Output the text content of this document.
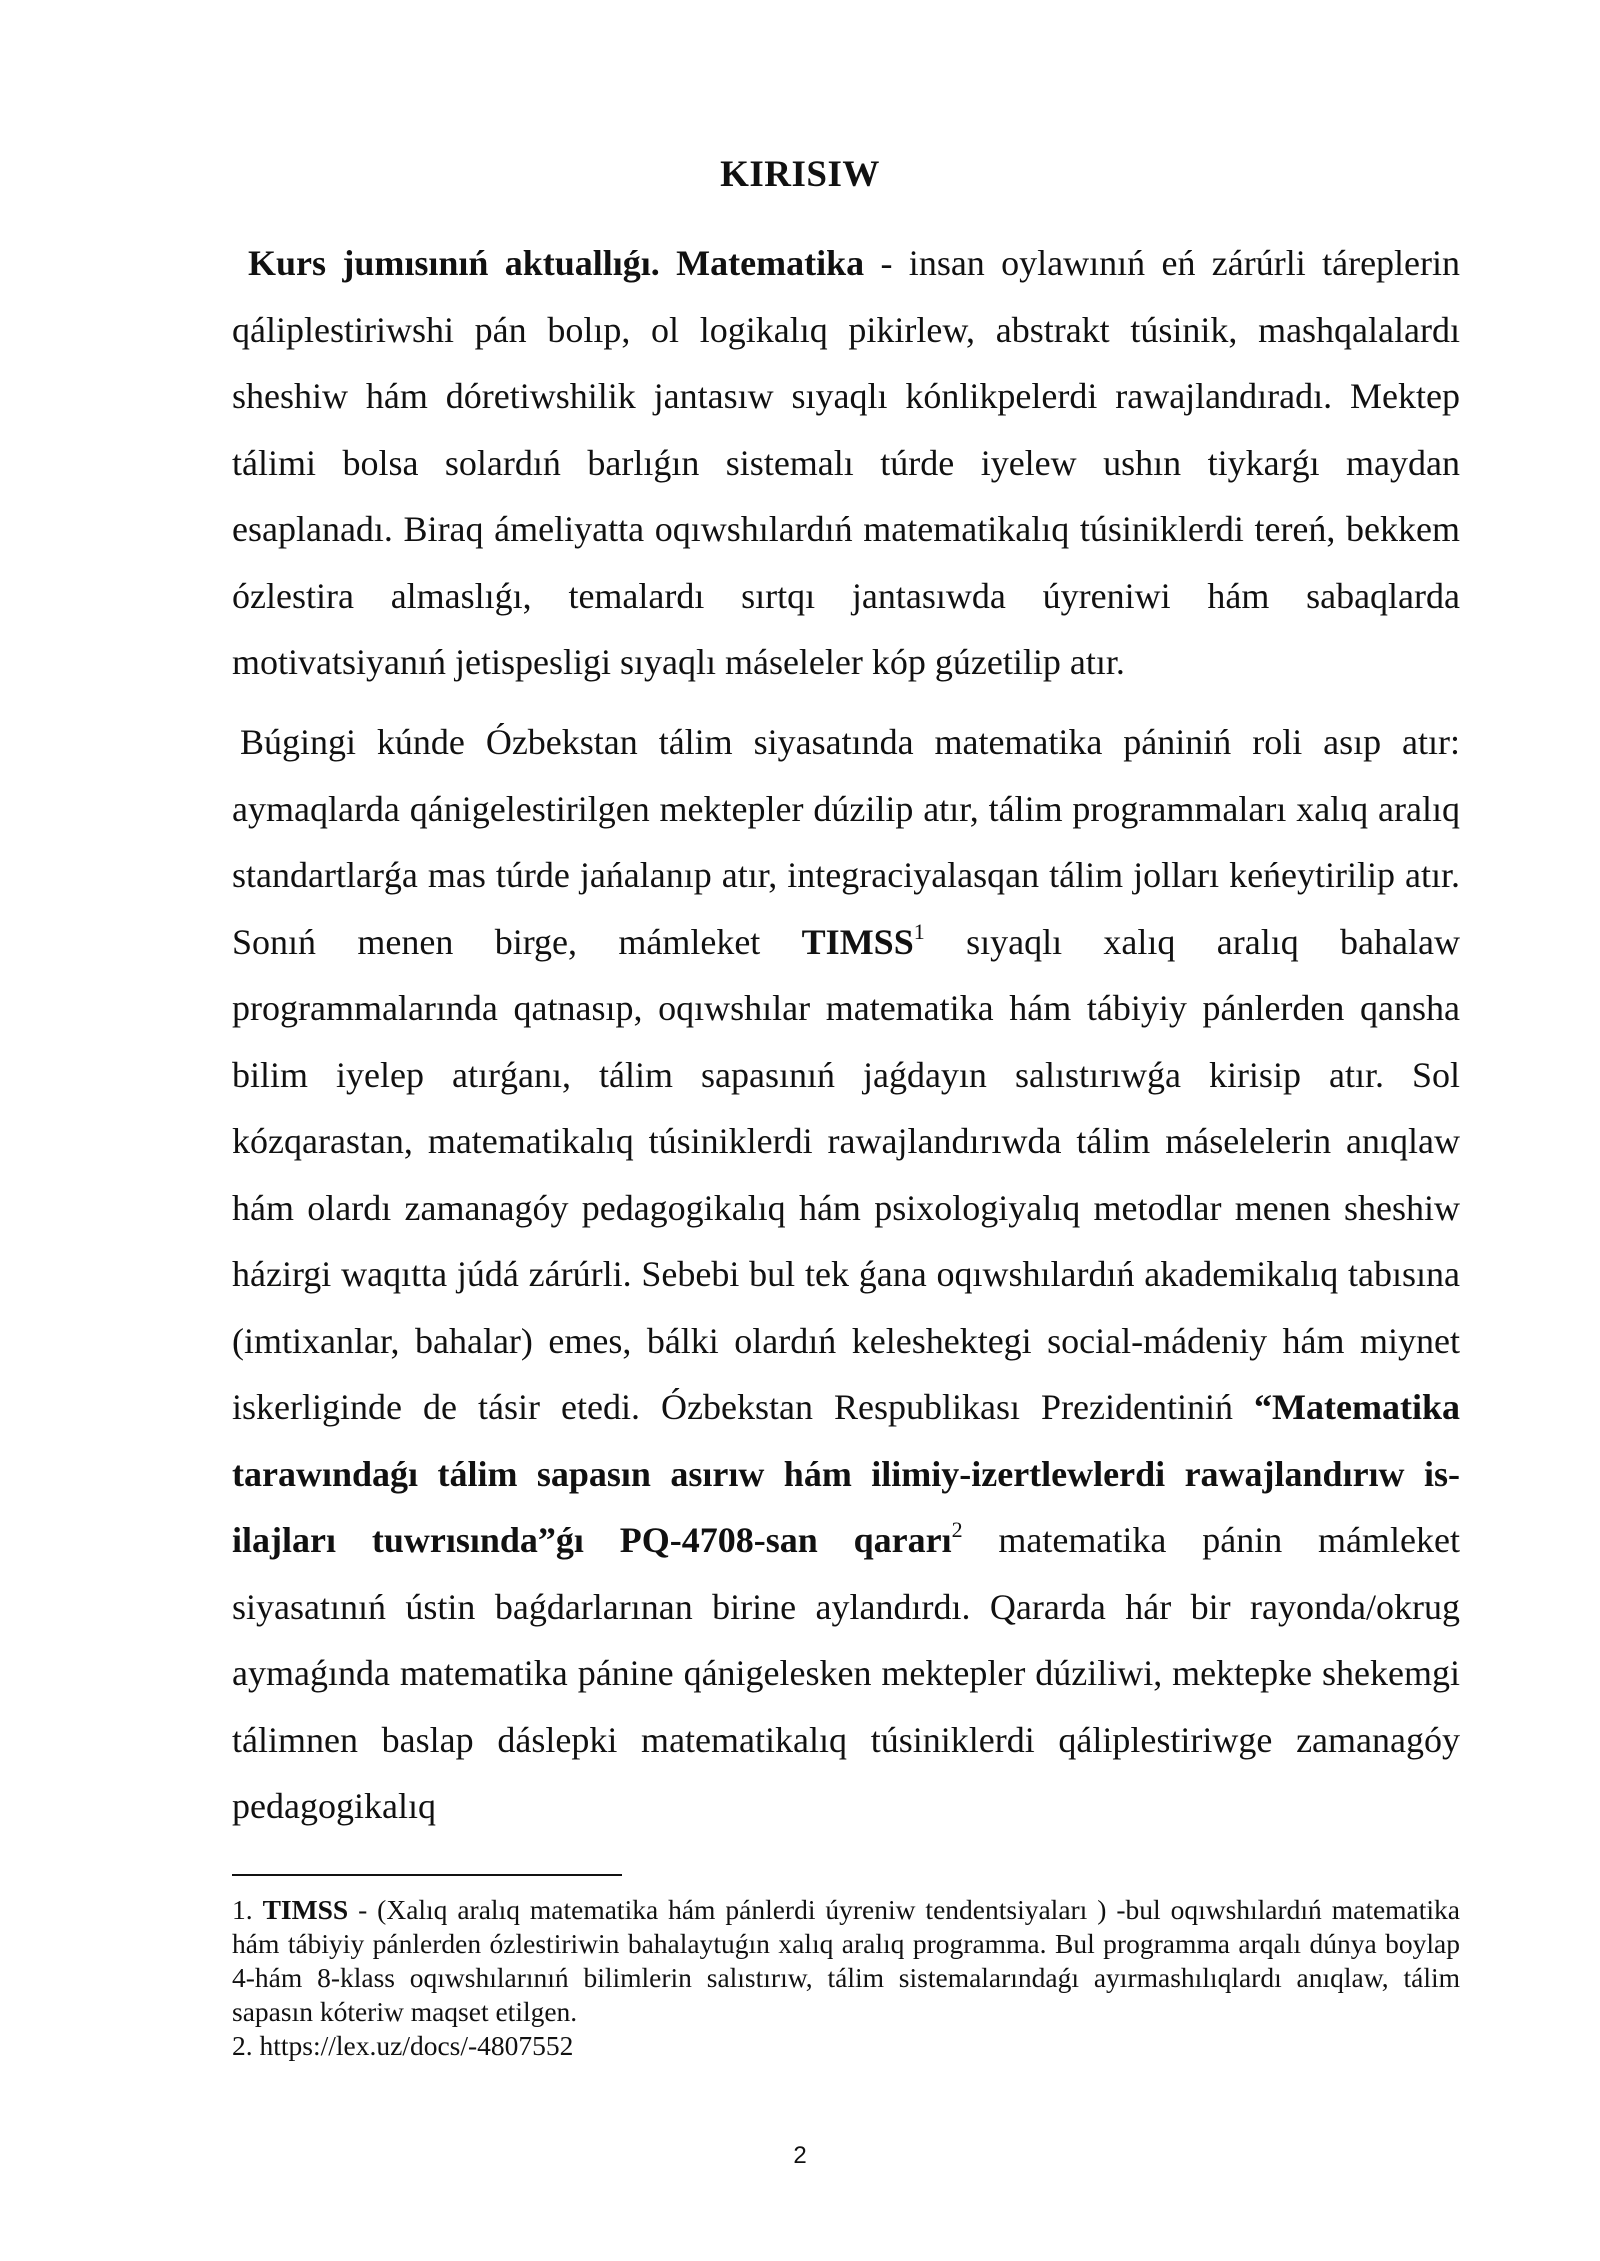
KIRISIW

Kurs jumısınıń aktuallıǵı. Matematika - insan oylawınıń eń zárúrli táreplerin qáliplestiriwshi pán bolıp, ol logikalıq pikirlew, abstrakt túsinik, mashqalalardı sheshiw hám dóretiwshilik jantasıw sıyaqlı kónlikpelerdi rawajlandıradı. Mektep tálimi bolsa solardıń barlıǵın sistemalı túrde iyelew ushın tiykarǵı maydan esaplanadı. Biraq ámeliyatta oqıwshılardıń matematikalıq túsiniklerdi tereń, bekkem ózlestira almaslıǵı, temalardı sırtqı jantasıwda úyreniwi hám sabaqlarda motivatsiyanıń jetispesligi sıyaqlı máseleler kóp gúzetilip atır.

Búgingi kúnde Ózbekstan tálim siyasatında matematika pániniń roli asıp atır: aymaqlarda qánigelestirilgen mektepler dúzilip atır, tálim programmaları xalıq aralıq standartlarǵa mas túrde jańalanıp atır, integraciyalasqan tálim jolları keńeytirilip atır. Sonıń menen birge, mámleket TIMSS$^1$ sıyaqlı xalıq aralıq bahalaw programmalarında qatnasıp, oqıwshılar matematika hám tábiyiy pánlerden qansha bilim iyelep atırǵanı, tálim sapasınıń jaǵdayın salıstırıwǵa kirisip atır. Sol kózqarastan, matematikalıq túsiniklerdi rawajlandırıwda tálim máselelerin anıqlaw hám olardı zamanagóy pedagogikalıq hám psixologiyalıq metodlar menen sheshiw házirgi waqıtta júdá zárúrli. Sebebi bul tek ǵana oqıwshılardıń akademikalıq tabısına (imtixanlar, bahalar) emes, bálki olardıń keleshektegi social-mádeniy hám miynet iskerliginde de tásir etedi. Ózbekstan Respublikası Prezidentiniń “Matematika tarawındaǵı tálim sapasın asırıw hám ilimiy-izertlewlerdi rawajlandırıw is-ilajları tuwrısında”ǵı PQ-4708-san qararı$^2$ matematika pánin mámleket siyasatınıń ústin baǵdarlarınan birine aylandırdı. Qararda hár bir rayonda/okrug aymaǵında matematika pánine qánigelesken mektepler dúziliwi, mektepke shekemgi tálimnen baslap dáslepki matematikalıq túsiniklerdi qáliplestiriwge zamanagóy pedagogikalıq

1. TIMSS - (Xalıq aralıq matematika hám pánlerdi úyreniw tendentsiyaları ) -bul oqıwshılardıń matematika hám tábiyiy pánlerden ózlestiriwin bahalaytuǵın xalıq aralıq programma. Bul programma arqalı dúnya boylap 4-hám 8-klass oqıwshılarınıń bilimlerin salıstırıw, tálim sistemalarındaǵı ayırmashılıqlardı anıqlaw, tálim sapasın kóteriw maqset etilgen.

2. https://lex.uz/docs/-4807552

2
